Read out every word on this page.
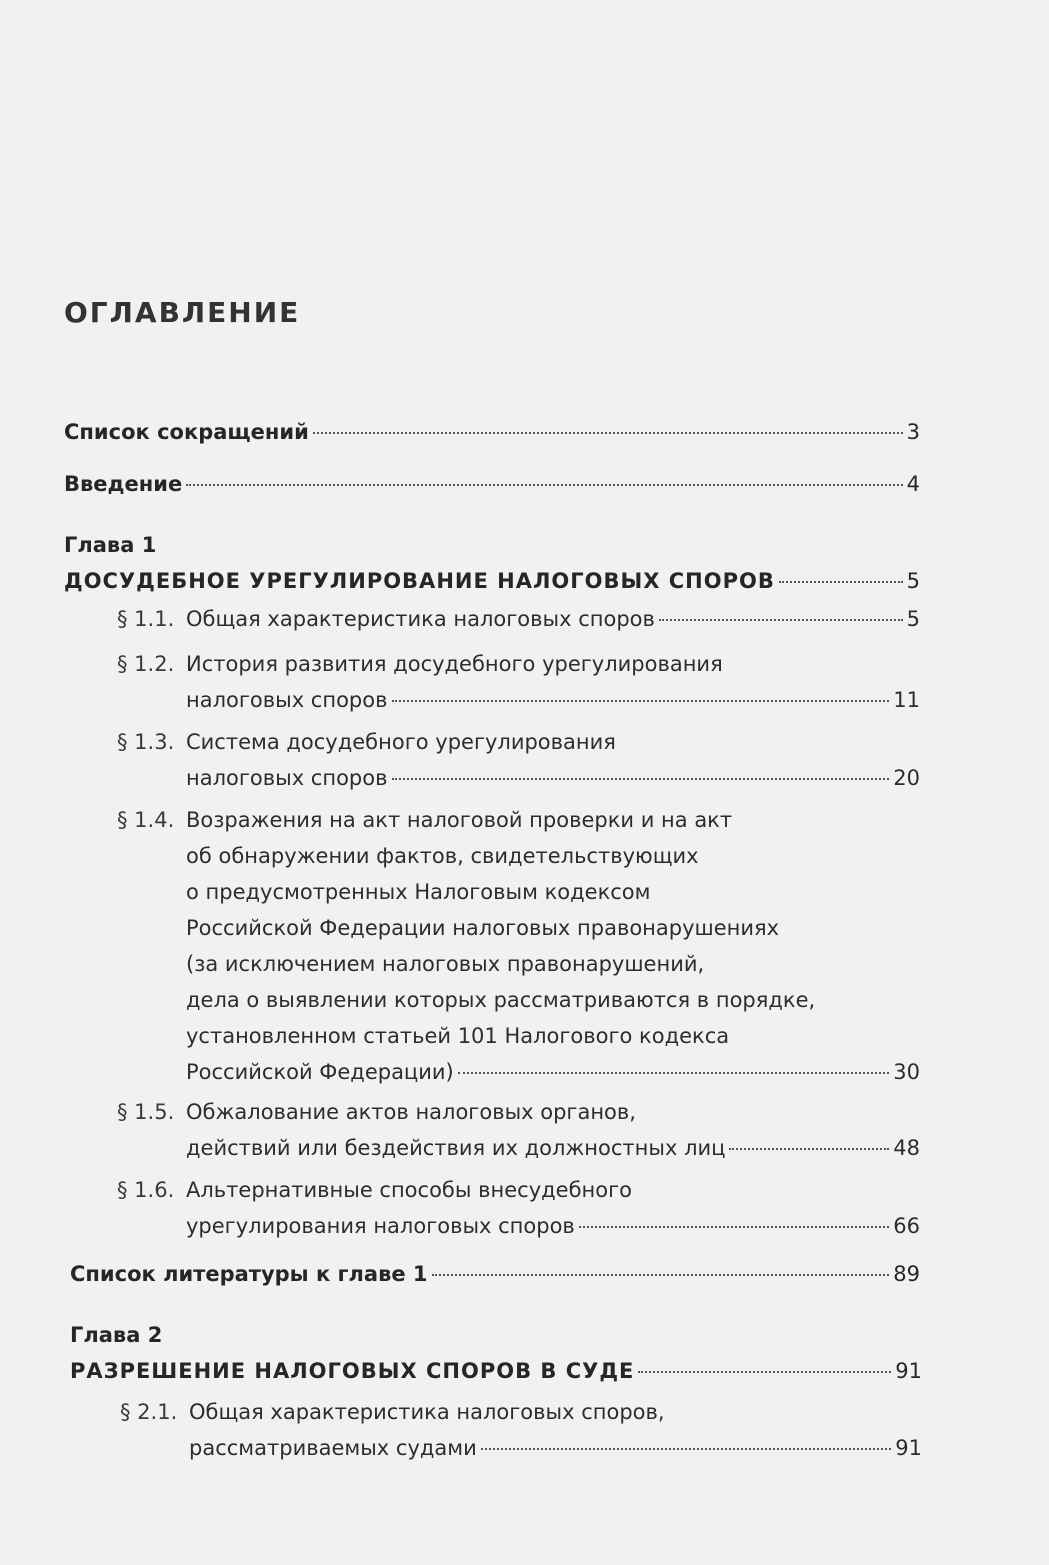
ОГЛАВЛЕНИЕ
Список сокращений	3
Введение	4
Глава 1
ДОСУДЕБНОЕ УРЕГУЛИРОВАНИЕ НАЛОГОВЫХ СПОРОВ	5
§ 1.1. Общая характеристика налоговых споров	5
§ 1.2. История развития досудебного урегулирования
налоговых споров	11
§ 1.3. Система досудебного урегулирования
налоговых споров	20
§ 1.4. Возражения на акт налоговой проверки и на акт
об обнаружении фактов, свидетельствующих
о предусмотренных Налоговым кодексом
Российской Федерации налоговых правонарушениях
(за исключением налоговых правонарушений,
дела о выявлении которых рассматриваются в порядке,
установленном статьей 101 Налогового кодекса
Российской Федерации)	30
§ 1.5. Обжалование актов налоговых органов,
действий или бездействия их должностных лиц	48
§ 1.6. Альтернативные способы внесудебного
урегулирования налоговых споров	66
Список литературы к главе 1	89
Глава 2
РАЗРЕШЕНИЕ НАЛОГОВЫХ СПОРОВ В СУДЕ	91
§ 2.1. Общая характеристика налоговых споров,
рассматриваемых судами	91
